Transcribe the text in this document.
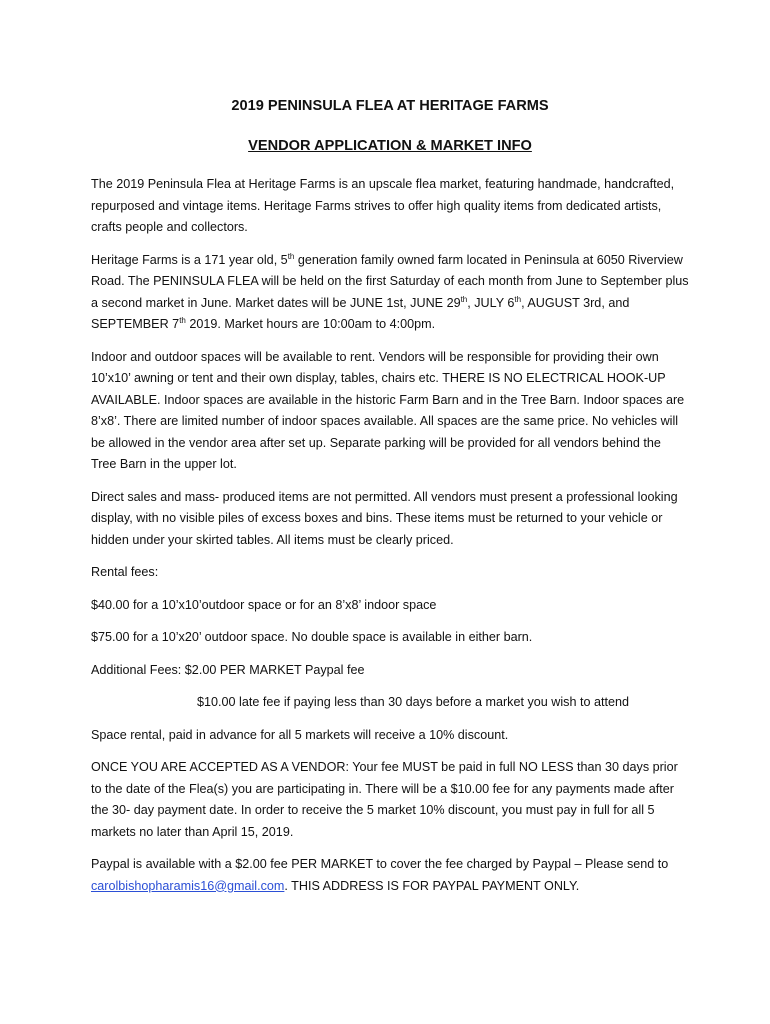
2019 PENINSULA FLEA AT HERITAGE FARMS
VENDOR APPLICATION & MARKET INFO

The 2019 Peninsula Flea at Heritage Farms is an upscale flea market, featuring handmade, handcrafted, repurposed and vintage items. Heritage Farms strives to offer high quality items from dedicated artists, crafts people and collectors.

Heritage Farms is a 171 year old, 5th generation family owned farm located in Peninsula at 6050 Riverview Road. The PENINSULA FLEA will be held on the first Saturday of each month from June to September plus a second market in June. Market dates will be JUNE 1st, JUNE 29th, JULY 6th, AUGUST 3rd, and SEPTEMBER 7th 2019. Market hours are 10:00am to 4:00pm.

Indoor and outdoor spaces will be available to rent. Vendors will be responsible for providing their own 10’x10’ awning or tent and their own display, tables, chairs etc. THERE IS NO ELECTRICAL HOOK-UP AVAILABLE. Indoor spaces are available in the historic Farm Barn and in the Tree Barn. Indoor spaces are 8’x8’. There are limited number of indoor spaces available. All spaces are the same price. No vehicles will be allowed in the vendor area after set up. Separate parking will be provided for all vendors behind the Tree Barn in the upper lot.

Direct sales and mass- produced items are not permitted. All vendors must present a professional looking display, with no visible piles of excess boxes and bins. These items must be returned to your vehicle or hidden under your skirted tables. All items must be clearly priced.

Rental fees:

$40.00 for a 10’x10’outdoor space or for an 8’x8’ indoor space

$75.00 for a 10’x20’ outdoor space. No double space is available in either barn.

Additional Fees: $2.00 PER MARKET Paypal fee

$10.00 late fee if paying less than 30 days before a market you wish to attend

Space rental, paid in advance for all 5 markets will receive a 10% discount.

ONCE YOU ARE ACCEPTED AS A VENDOR: Your fee MUST be paid in full NO LESS than 30 days prior to the date of the Flea(s) you are participating in. There will be a $10.00 fee for any payments made after the 30- day payment date. In order to receive the 5 market 10% discount, you must pay in full for all 5 markets no later than April 15, 2019.

Paypal is available with a $2.00 fee PER MARKET to cover the fee charged by Paypal – Please send to carolbishopharamis16@gmail.com. THIS ADDRESS IS FOR PAYPAL PAYMENT ONLY.
